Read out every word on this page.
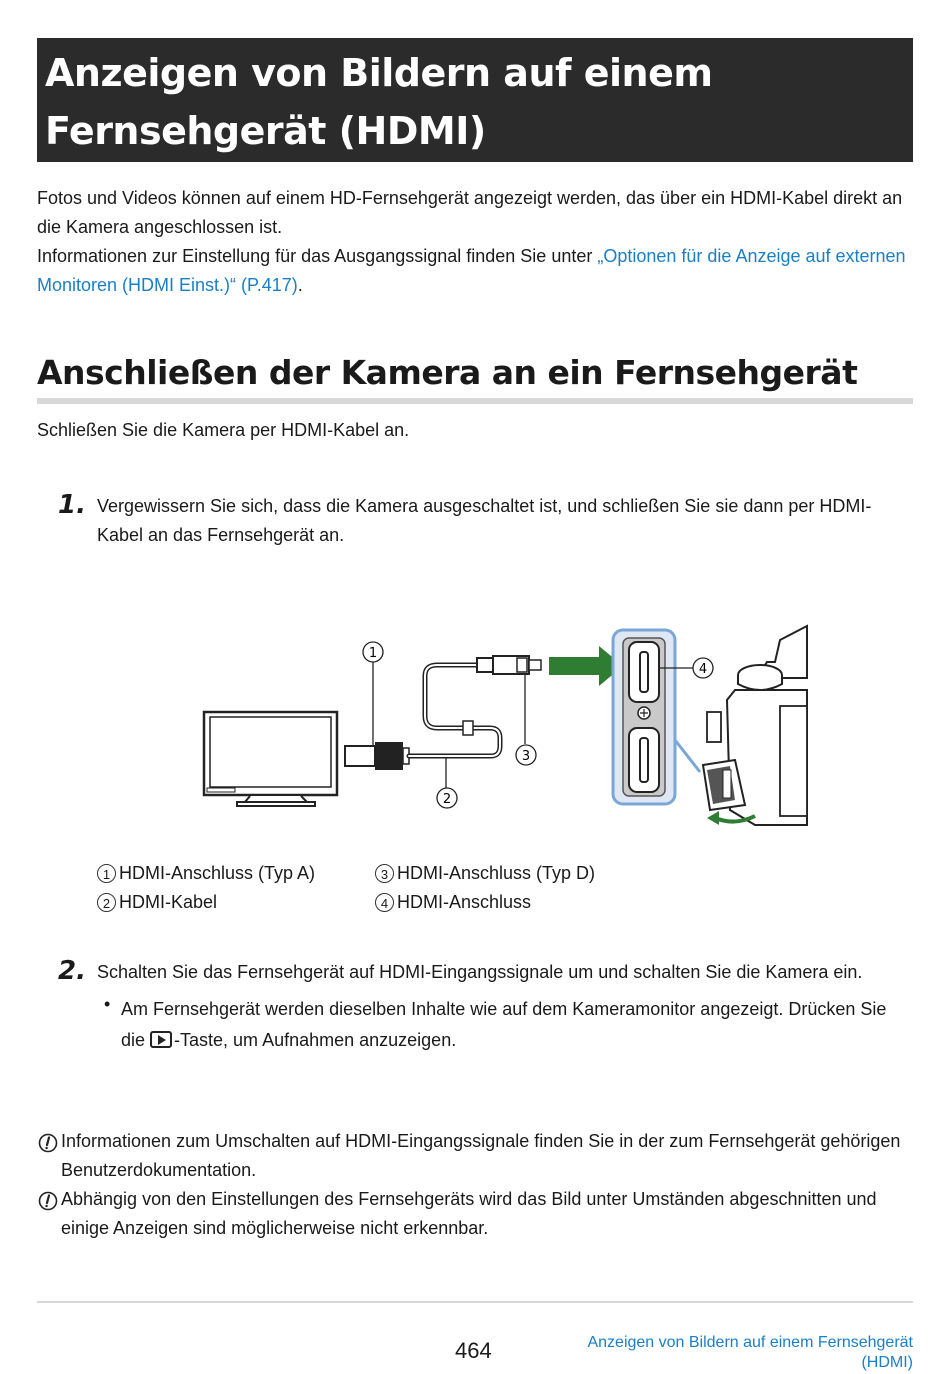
Anzeigen von Bildern auf einem Fernsehgerät (HDMI)

Fotos und Videos können auf einem HD-Fernsehgerät angezeigt werden, das über ein HDMI-Kabel direkt an die Kamera angeschlossen ist.
Informationen zur Einstellung für das Ausgangssignal finden Sie unter „Optionen für die Anzeige auf externen Monitoren (HDMI Einst.)“ (P.417).

Anschließen der Kamera an ein Fernsehgerät

Schließen Sie die Kamera per HDMI-Kabel an.

1. Vergewissern Sie sich, dass die Kamera ausgeschaltet ist, und schließen Sie sie dann per HDMI-Kabel an das Fernsehgerät an.

1
2
3
4
1 HDMI-Anschluss (Typ A)
2 HDMI-Kabel
3 HDMI-Anschluss (Typ D)
4 HDMI-Anschluss
2. Schalten Sie das Fernsehgerät auf HDMI-Eingangssignale um und schalten Sie die Kamera ein.

• Am Fernsehgerät werden dieselben Inhalte wie auf dem Kameramonitor angezeigt. Drücken Sie die -Taste, um Aufnahmen anzuzeigen.

Informationen zum Umschalten auf HDMI-Eingangssignale finden Sie in der zum Fernsehgerät gehörigen Benutzerdokumentation.

Abhängig von den Einstellungen des Fernsehgeräts wird das Bild unter Umständen abgeschnitten und einige Anzeigen sind möglicherweise nicht erkennbar.

464	Anzeigen von Bildern auf einem Fernsehgerät
(HDMI)
